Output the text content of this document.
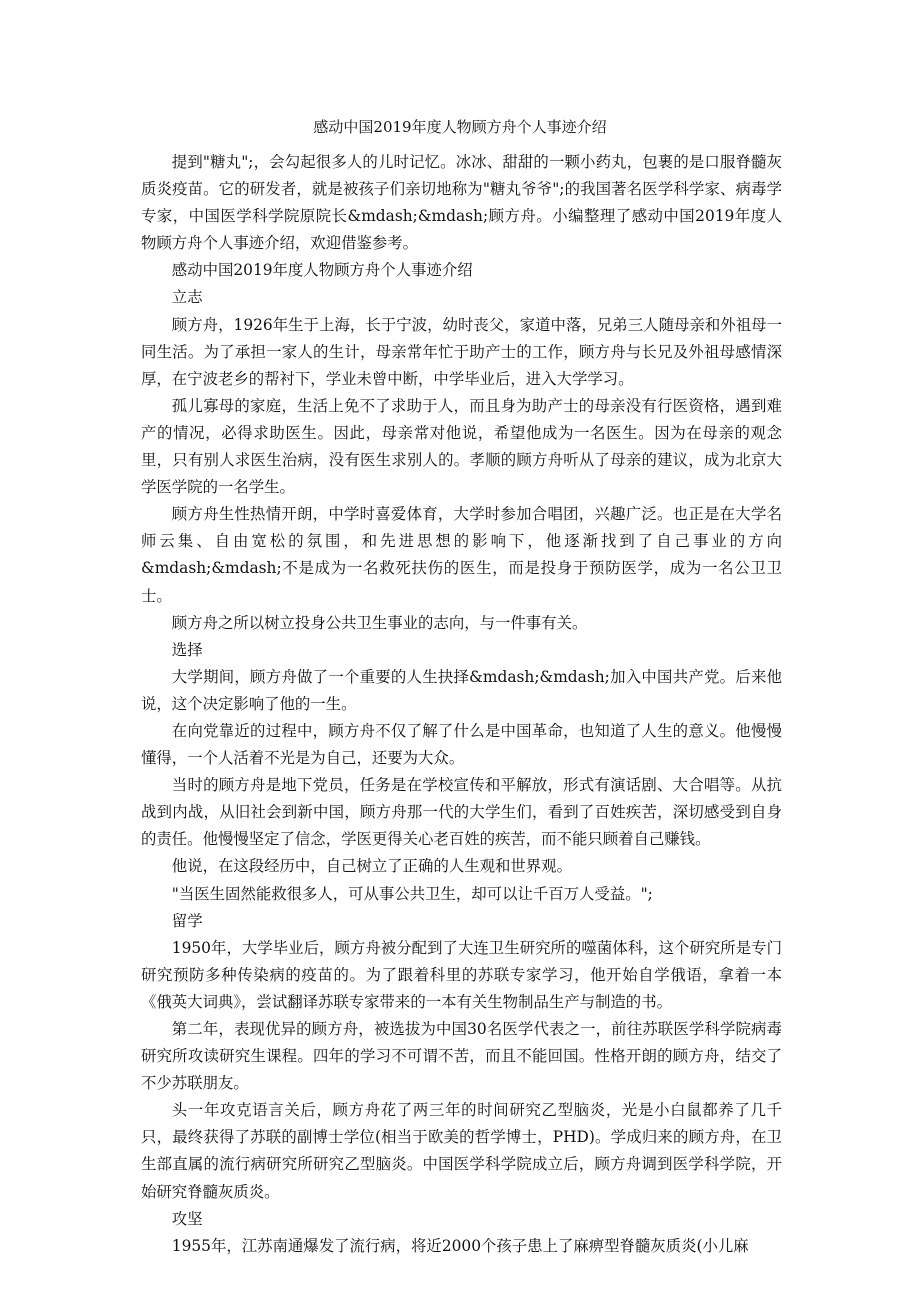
感动中国2019年度人物顾方舟个人事迹介绍

提到"糖丸";，会勾起很多人的儿时记忆。冰冰、甜甜的一颗小药丸，包裹的是口服脊髓灰质炎疫苗。它的研发者，就是被孩子们亲切地称为"糖丸爷爷";的我国著名医学科学家、病毒学专家，中国医学科学院原院长&mdash;&mdash;顾方舟。小编整理了感动中国2019年度人物顾方舟个人事迹介绍，欢迎借鉴参考。

感动中国2019年度人物顾方舟个人事迹介绍

立志

顾方舟，1926年生于上海，长于宁波，幼时丧父，家道中落，兄弟三人随母亲和外祖母一同生活。为了承担一家人的生计，母亲常年忙于助产士的工作，顾方舟与长兄及外祖母感情深厚，在宁波老乡的帮衬下，学业未曾中断，中学毕业后，进入大学学习。

孤儿寡母的家庭，生活上免不了求助于人，而且身为助产士的母亲没有行医资格，遇到难产的情况，必得求助医生。因此，母亲常对他说，希望他成为一名医生。因为在母亲的观念里，只有别人求医生治病，没有医生求别人的。孝顺的顾方舟听从了母亲的建议，成为北京大学医学院的一名学生。

顾方舟生性热情开朗，中学时喜爱体育，大学时参加合唱团，兴趣广泛。也正是在大学名师云集、自由宽松的氛围，和先进思想的影响下，他逐渐找到了自己事业的方向&mdash;&mdash;不是成为一名救死扶伤的医生，而是投身于预防医学，成为一名公卫卫士。

顾方舟之所以树立投身公共卫生事业的志向，与一件事有关。

选择

大学期间，顾方舟做了一个重要的人生抉择&mdash;&mdash;加入中国共产党。后来他说，这个决定影响了他的一生。

在向党靠近的过程中，顾方舟不仅了解了什么是中国革命，也知道了人生的意义。他慢慢懂得，一个人活着不光是为自己，还要为大众。

当时的顾方舟是地下党员，任务是在学校宣传和平解放，形式有演话剧、大合唱等。从抗战到内战，从旧社会到新中国，顾方舟那一代的大学生们，看到了百姓疾苦，深切感受到自身的责任。他慢慢坚定了信念，学医更得关心老百姓的疾苦，而不能只顾着自己赚钱。

他说，在这段经历中，自己树立了正确的人生观和世界观。

"当医生固然能救很多人，可从事公共卫生，却可以让千百万人受益。";

留学

1950年，大学毕业后，顾方舟被分配到了大连卫生研究所的噬菌体科，这个研究所是专门研究预防多种传染病的疫苗的。为了跟着科里的苏联专家学习，他开始自学俄语，拿着一本《俄英大词典》，尝试翻译苏联专家带来的一本有关生物制品生产与制造的书。

第二年，表现优异的顾方舟，被选拔为中国30名医学代表之一，前往苏联医学科学院病毒研究所攻读研究生课程。四年的学习不可谓不苦，而且不能回国。性格开朗的顾方舟，结交了不少苏联朋友。

头一年攻克语言关后，顾方舟花了两三年的时间研究乙型脑炎，光是小白鼠都养了几千只，最终获得了苏联的副博士学位(相当于欧美的哲学博士，PHD)。学成归来的顾方舟，在卫生部直属的流行病研究所研究乙型脑炎。中国医学科学院成立后，顾方舟调到医学科学院，开始研究脊髓灰质炎。

攻坚

1955年，江苏南通爆发了流行病，将近2000个孩子患上了麻痹型脊髓灰质炎(小儿麻
